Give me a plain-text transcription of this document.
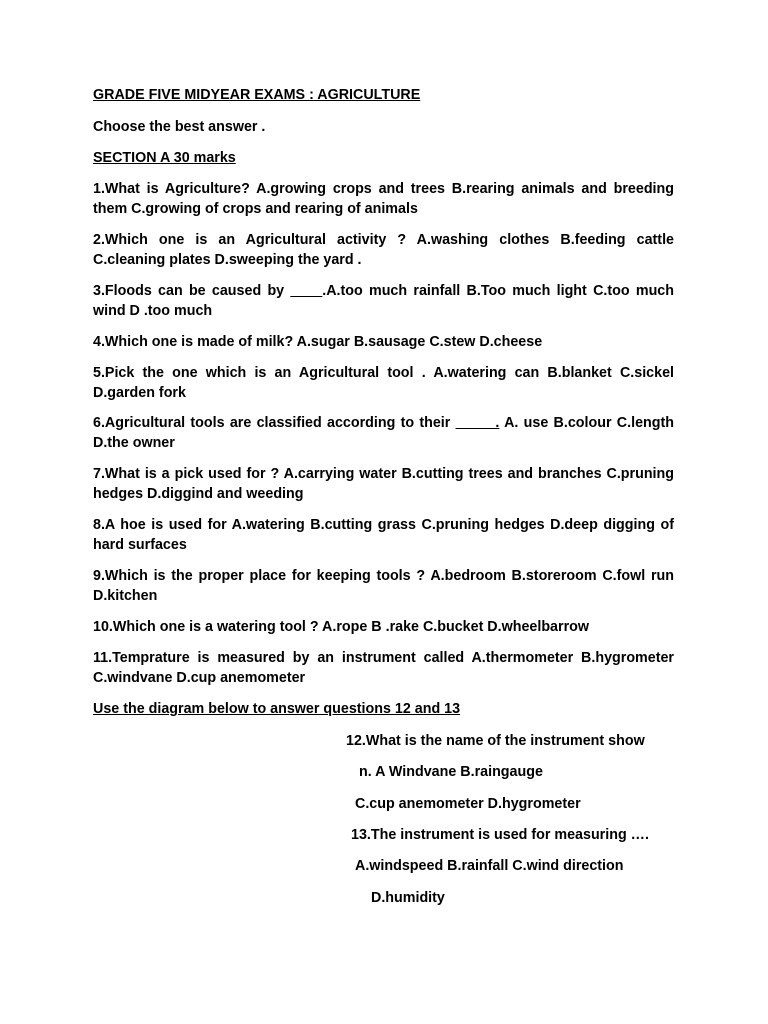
GRADE FIVE MIDYEAR EXAMS : AGRICULTURE
Choose the best answer .
SECTION A 30 marks
1.What is Agriculture? A.growing crops and trees B.rearing animals and breeding them C.growing of crops and rearing of animals
2.Which one is an Agricultural activity ? A.washing clothes B.feeding cattle C.cleaning plates D.sweeping the yard .
3.Floods can be caused by ____.A.too much rainfall B.Too much light C.too much wind D .too much
4.Which one is made of milk? A.sugar B.sausage C.stew D.cheese
5.Pick the one which is an Agricultural tool . A.watering can B.blanket C.sickel D.garden fork
6.Agricultural tools are classified according to their _____. A. use B.colour C.length D.the owner
7.What is a pick used for ? A.carrying water B.cutting trees and branches C.pruning hedges D.diggind and weeding
8.A hoe is used for A.watering B.cutting grass C.pruning hedges D.deep digging of hard surfaces
9.Which is the proper place for keeping tools ? A.bedroom B.storeroom C.fowl run D.kitchen
10.Which one is a watering tool ? A.rope B .rake C.bucket D.wheelbarrow
11.Temprature is measured by an instrument called A.thermometer B.hygrometer C.windvane D.cup anemometer
Use the diagram below to answer questions 12 and 13
12.What is the name of the instrument show
n. A Windvane B.raingauge
C.cup anemometer D.hygrometer
13.The instrument is used for measuring ….
A.windspeed B.rainfall C.wind direction
D.humidity
